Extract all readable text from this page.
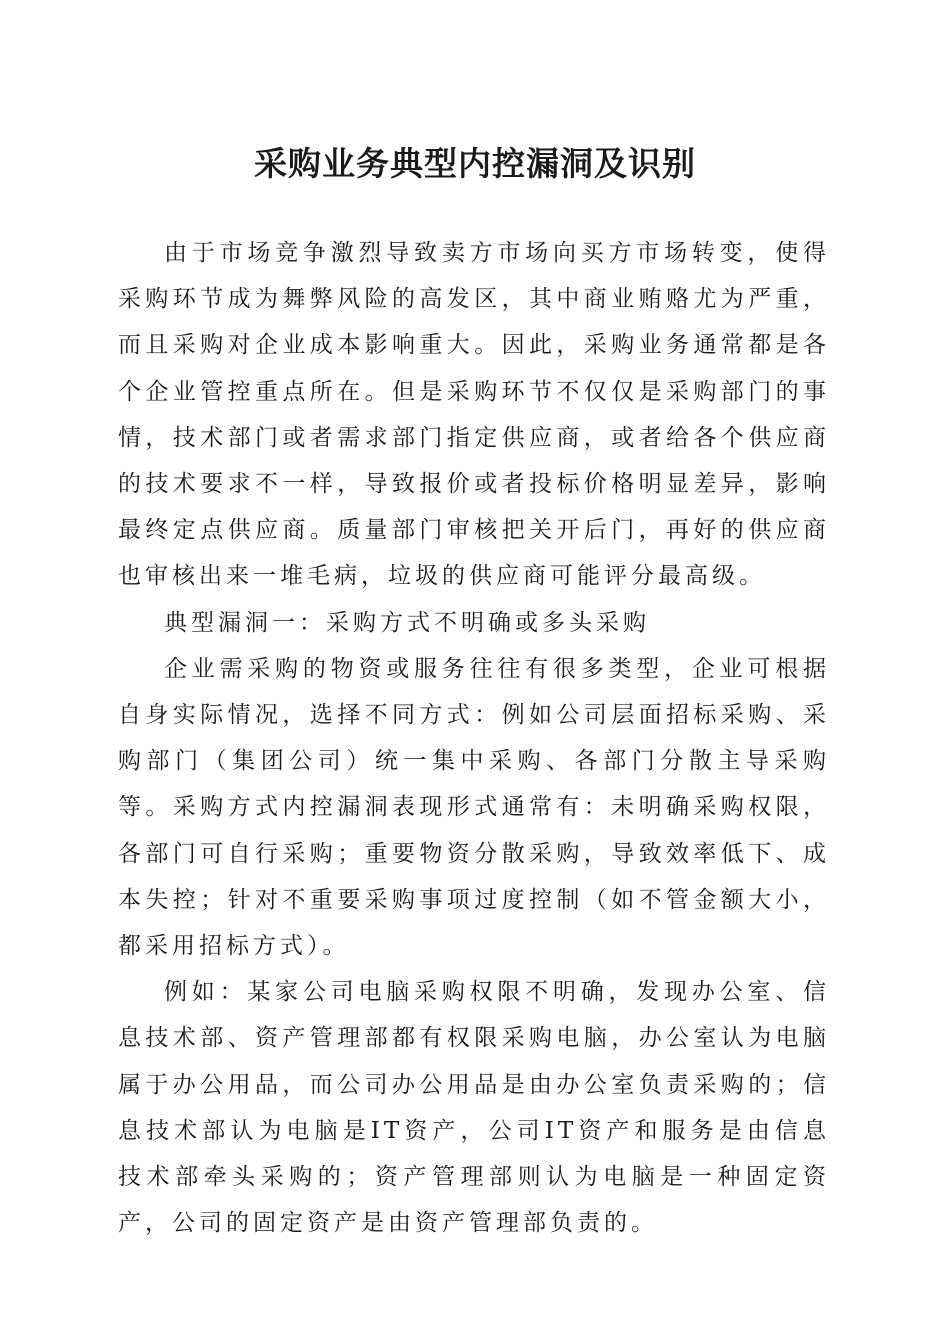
采购业务典型内控漏洞及识别

由于市场竞争激烈导致卖方市场向买方市场转变，使得采购环节成为舞弊风险的高发区，其中商业贿赂尤为严重，而且采购对企业成本影响重大。因此，采购业务通常都是各个企业管控重点所在。但是采购环节不仅仅是采购部门的事情，技术部门或者需求部门指定供应商，或者给各个供应商的技术要求不一样，导致报价或者投标价格明显差异，影响最终定点供应商。质量部门审核把关开后门，再好的供应商也审核出来一堆毛病，垃圾的供应商可能评分最高级。

典型漏洞一：采购方式不明确或多头采购

企业需采购的物资或服务往往有很多类型，企业可根据自身实际情况，选择不同方式：例如公司层面招标采购、采购部门（集团公司）统一集中采购、各部门分散主导采购等。采购方式内控漏洞表现形式通常有：未明确采购权限，各部门可自行采购；重要物资分散采购，导致效率低下、成本失控；针对不重要采购事项过度控制（如不管金额大小，都采用招标方式）。

例如：某家公司电脑采购权限不明确，发现办公室、信息技术部、资产管理部都有权限采购电脑，办公室认为电脑属于办公用品，而公司办公用品是由办公室负责采购的；信息技术部认为电脑是IT资产，公司IT资产和服务是由信息技术部牵头采购的；资产管理部则认为电脑是一种固定资产，公司的固定资产是由资产管理部负责的。
